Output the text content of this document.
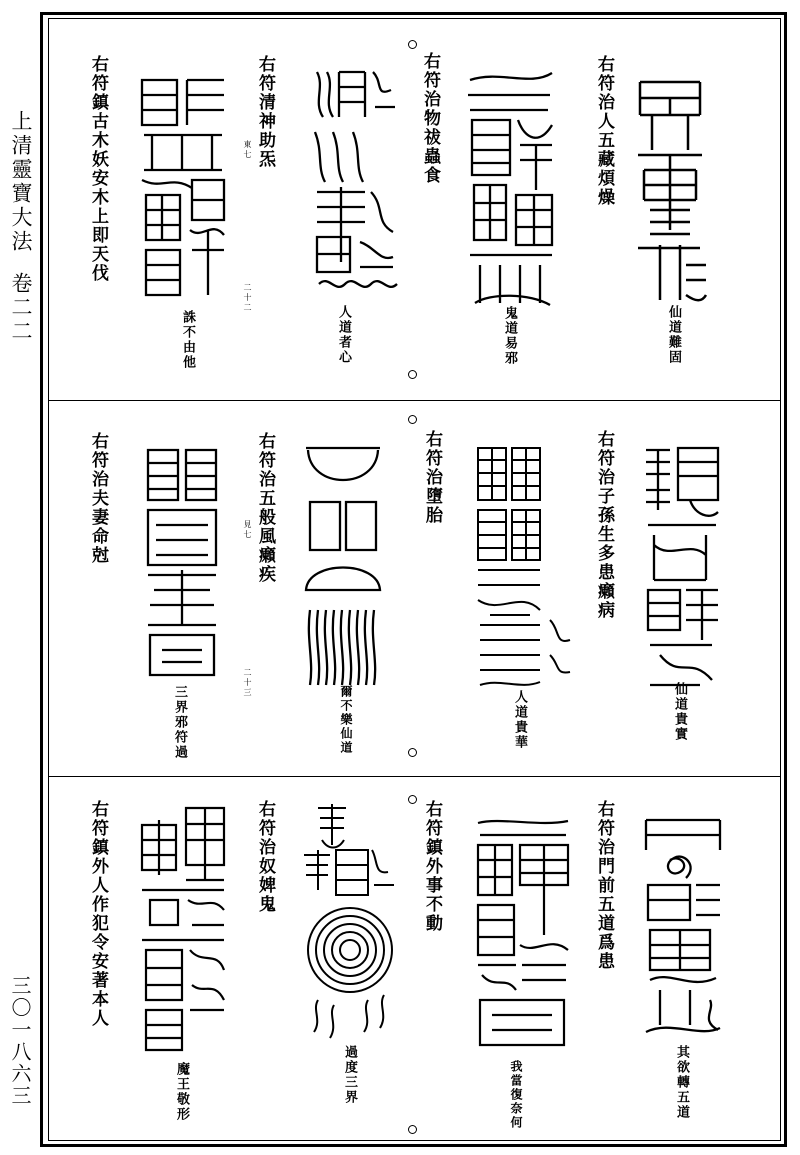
上清靈寶大法
卷二二
三〇一八六三
右符治人五藏煩燥
仙道難固
右符治物祓蟲食
鬼道易邪
右符清神助炁
東七
二十二
人道者心
右符鎮古木妖安木上即天伐
誅不由他
右符治子孫生多患癩病
仙道貴實
右符治墮胎
人道貴華
右符治五般風癩疾
見七
二十三
爾不樂仙道
右符治夫妻命尅
三界邪符過
右符治門前五道爲患
其欲轉五道
右符鎮外事不動
我當復奈何
右符治奴婢鬼
過度三界
右符鎮外人作犯令安著本人
魔王敬形
